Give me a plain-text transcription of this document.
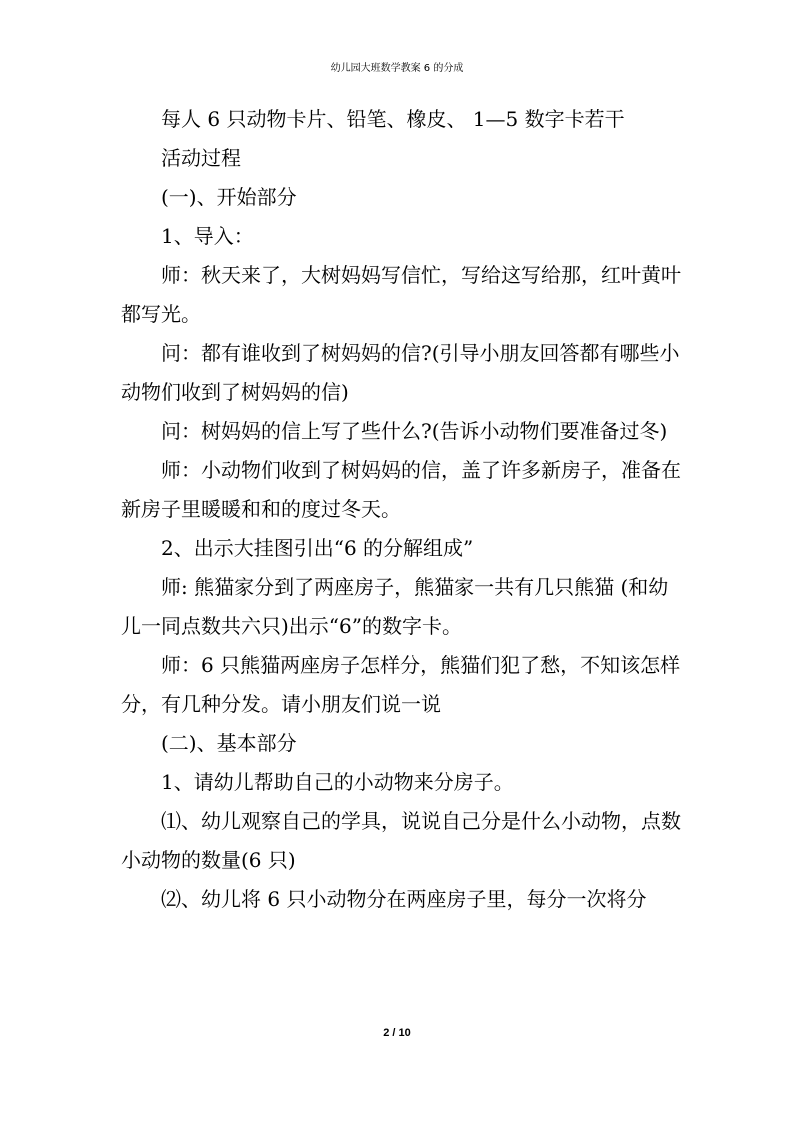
幼儿园大班数学教案 6 的分成

每人 6 只动物卡片、铅笔、橡皮、 1—5 数字卡若干

活动过程

(一)、开始部分

1、导入：

师：秋天来了，大树妈妈写信忙，写给这写给那，红叶黄叶都写光。

问：都有谁收到了树妈妈的信?(引导小朋友回答都有哪些小动物们收到了树妈妈的信)

问：树妈妈的信上写了些什么?(告诉小动物们要准备过冬)

师：小动物们收到了树妈妈的信，盖了许多新房子，准备在新房子里暖暖和和的度过冬天。

2、出示大挂图引出“6 的分解组成”

师: 熊猫家分到了两座房子，熊猫家一共有几只熊猫 (和幼儿一同点数共六只)出示“6”的数字卡。

师：6 只熊猫两座房子怎样分，熊猫们犯了愁，不知该怎样分，有几种分发。请小朋友们说一说

(二)、基本部分

1、请幼儿帮助自己的小动物来分房子。

⑴、幼儿观察自己的学具，说说自己分是什么小动物，点数小动物的数量(6 只)

⑵、幼儿将 6 只小动物分在两座房子里，每分一次将分

2 / 10
